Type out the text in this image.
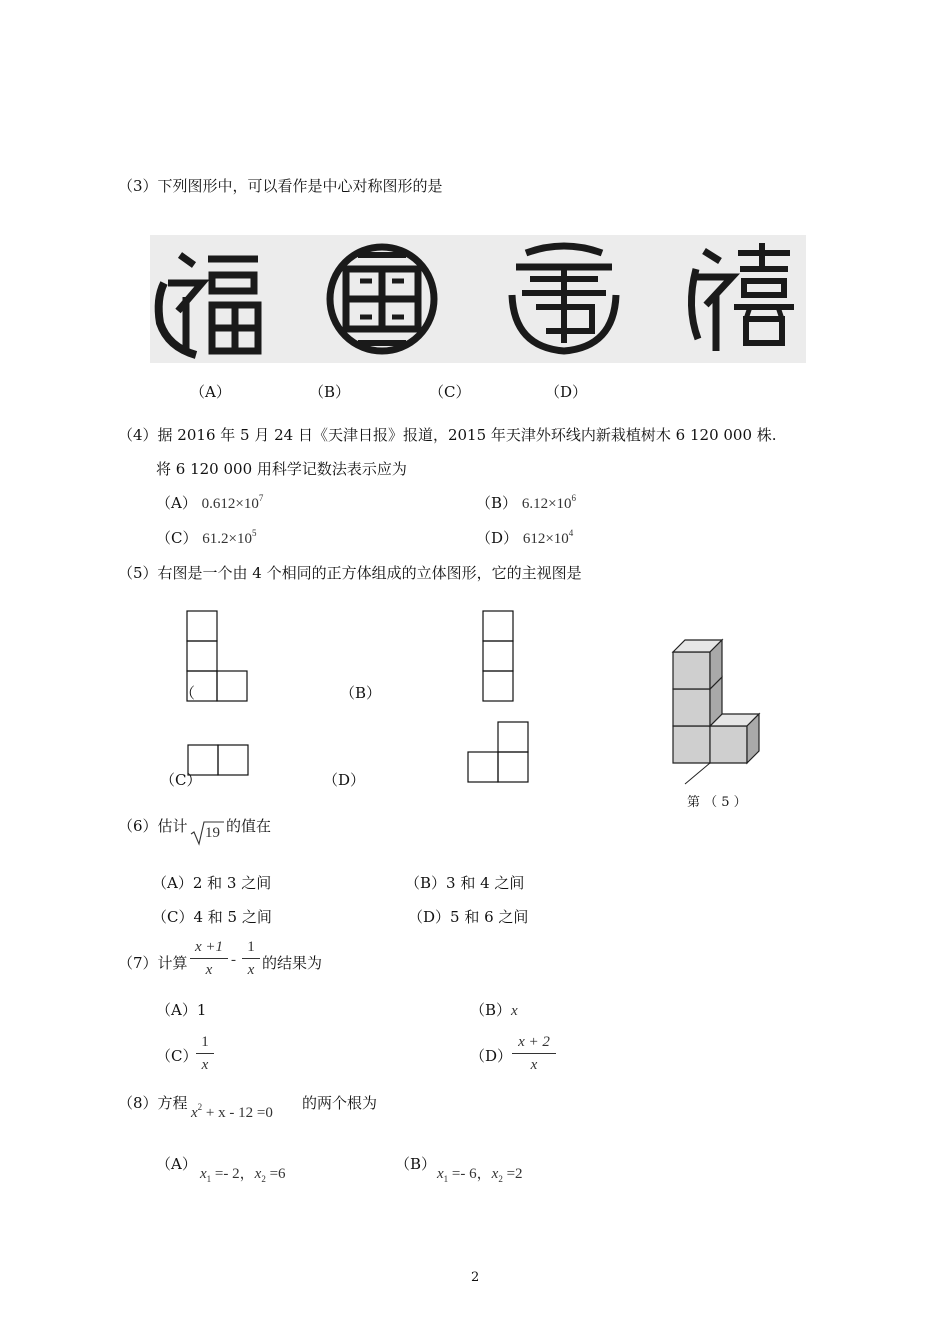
（3）下列图形中，可以看作是中心对称图形的是
（A）	（B）	（C）	（D）
（4）据 2016 年 5 月 24 日《天津日报》报道，2015 年天津外环线内新栽植树木 6 120 000 株.
将 6 120 000 用科学记数法表示应为
（A） $0.612\times 10^7$	（B） $6.12\times 10^6$
（C） $61.2\times 10^5$	（D） $612\times 10^4$
（5）右图是一个由 4 个相同的正方体组成的立体图形，它的主视图是
（	（B）
（C）	（D）
第 （ 5 ）
（6）估计 19 的值在
（A）2 和 3 之间	（B）3 和 4 之间
（C）4 和 5 之间	（D）5 和 6 之间
（7）计算
x +1
x
-
1
x 的结果为
（A）1	（B）x
（C）
1
x	（D）
x + 2
x
（8）方程
$x^2 + x - 12 =0$
的两个根为
（A）
$x_1 =- 2$，$x_2 =6$
（B）
$x_1 =- 6$，$x_2 =2$
2
